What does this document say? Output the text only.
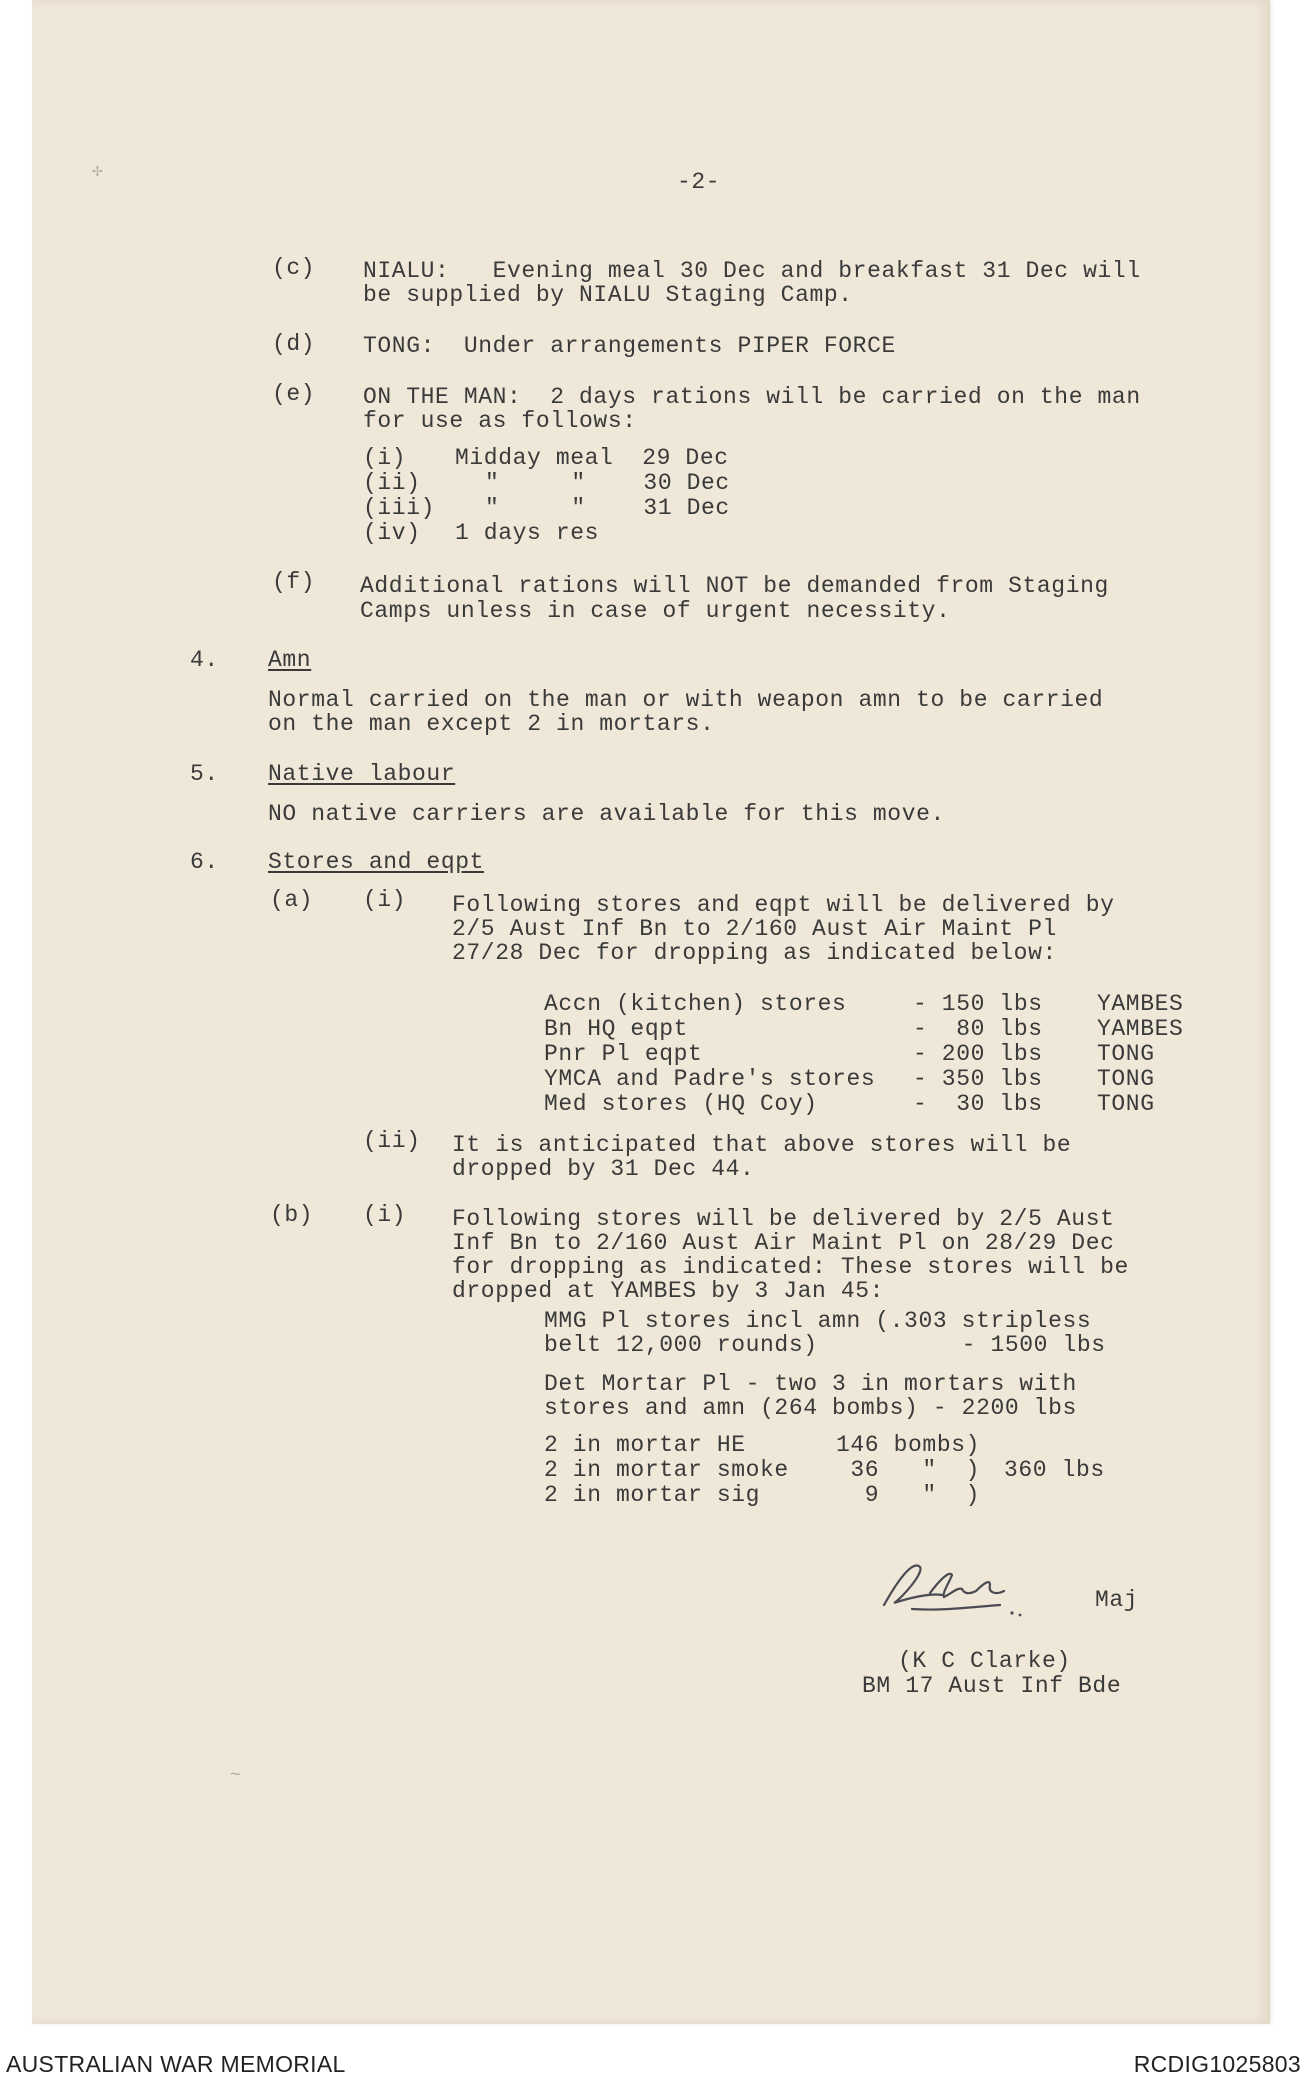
-2-
(c) NIALU:   Evening meal 30 Dec and breakfast 31 Dec will
be supplied by NIALU Staging Camp.
(d) TONG:  Under arrangements PIPER FORCE
(e) ON THE MAN:  2 days rations will be carried on the man
for use as follows:
(i) Midday meal  29 Dec
(ii)	"     "    30 Dec
(iii) "     "    31 Dec
(iv) 1 days res
(f) Additional rations will NOT be demanded from Staging
Camps unless in case of urgent necessity.
4. Amn
Normal carried on the man or with weapon amn to be carried
on the man except 2 in mortars.
5. Native labour
NO native carriers are available for this move.
6. Stores and eqpt
(a) (i) Following stores and eqpt will be delivered by
2/5 Aust Inf Bn to 2/160 Aust Air Maint Pl
27/28 Dec for dropping as indicated below:
Accn (kitchen) stores	- 150 lbs YAMBES
Bn HQ eqpt	-  80 lbs YAMBES
Pnr Pl eqpt	- 200 lbs TONG
YMCA and Padre's stores - 350 lbs TONG
Med stores (HQ Coy)	-  30 lbs TONG
(ii) It is anticipated that above stores will be
dropped by 31 Dec 44.
(b) (i) Following stores will be delivered by 2/5 Aust
Inf Bn to 2/160 Aust Air Maint Pl on 28/29 Dec
for dropping as indicated: These stores will be
dropped at YAMBES by 3 Jan 45:
MMG Pl stores incl amn (.303 stripless
belt 12,000 rounds)          - 1500 lbs
Det Mortar Pl - two 3 in mortars with
stores and amn (264 bombs) - 2200 lbs
2 in mortar HE	146 bombs)
2 in mortar smoke 36   "  )
2 in mortar sig	9   "  )
360 lbs
Maj
(K C Clarke)
BM 17 Aust Inf Bde
✢
~
AUSTRALIAN WAR MEMORIAL	RCDIG1025803
